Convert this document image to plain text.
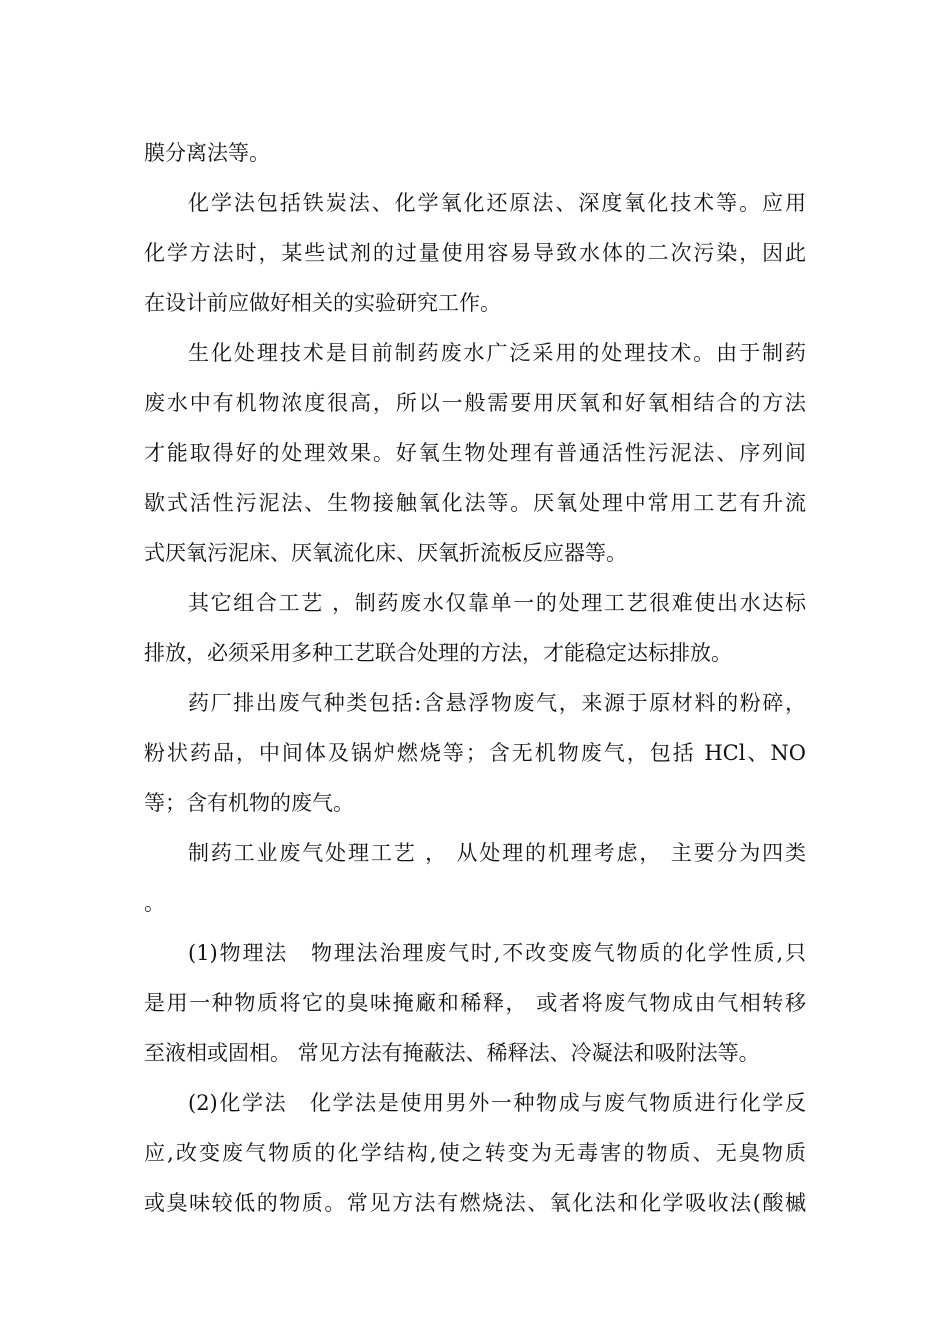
膜分离法等。
化学法包括铁炭法、化学氧化还原法、深度氧化技术等。应用
化学方法时，某些试剂的过量使用容易导致水体的二次污染，因此
在设计前应做好相关的实验研究工作。
生化处理技术是目前制药废水广泛采用的处理技术。由于制药
废水中有机物浓度很高，所以一般需要用厌氧和好氧相结合的方法
才能取得好的处理效果。好氧生物处理有普通活性污泥法、序列间
歇式活性污泥法、生物接触氧化法等。厌氧处理中常用工艺有升流
式厌氧污泥床、厌氧流化床、厌氧折流板反应器等。
其它组合工艺 ，制药废水仅靠单一的处理工艺很难使出水达标
排放，必须采用多种工艺联合处理的方法，才能稳定达标排放。
药厂排出废气种类包括:含悬浮物废气，来源于原材料的粉碎，
粉状药品，中间体及锅炉燃烧等；含无机物废气，包括 HCl、NO
等；含有机物的废气。
制药工业废气处理工艺 ， 从处理的机理考虑， 主要分为四类
。
(1)物理法　物理法治理废气时,不改变废气物质的化学性质,只
是用一种物质将它的臭味掩廠和稀释， 或者将废气物成由气相转移
至液相或固相。 常见方法有掩蔽法、稀释法、冷凝法和吸附法等。
(2)化学法　化学法是使用男外一种物成与废气物质进行化学反
应,改变废气物质的化学结构,使之转变为无毒害的物质、无臭物质
或臭味较低的物质。常见方法有燃烧法、氧化法和化学吸收法(酸槭
